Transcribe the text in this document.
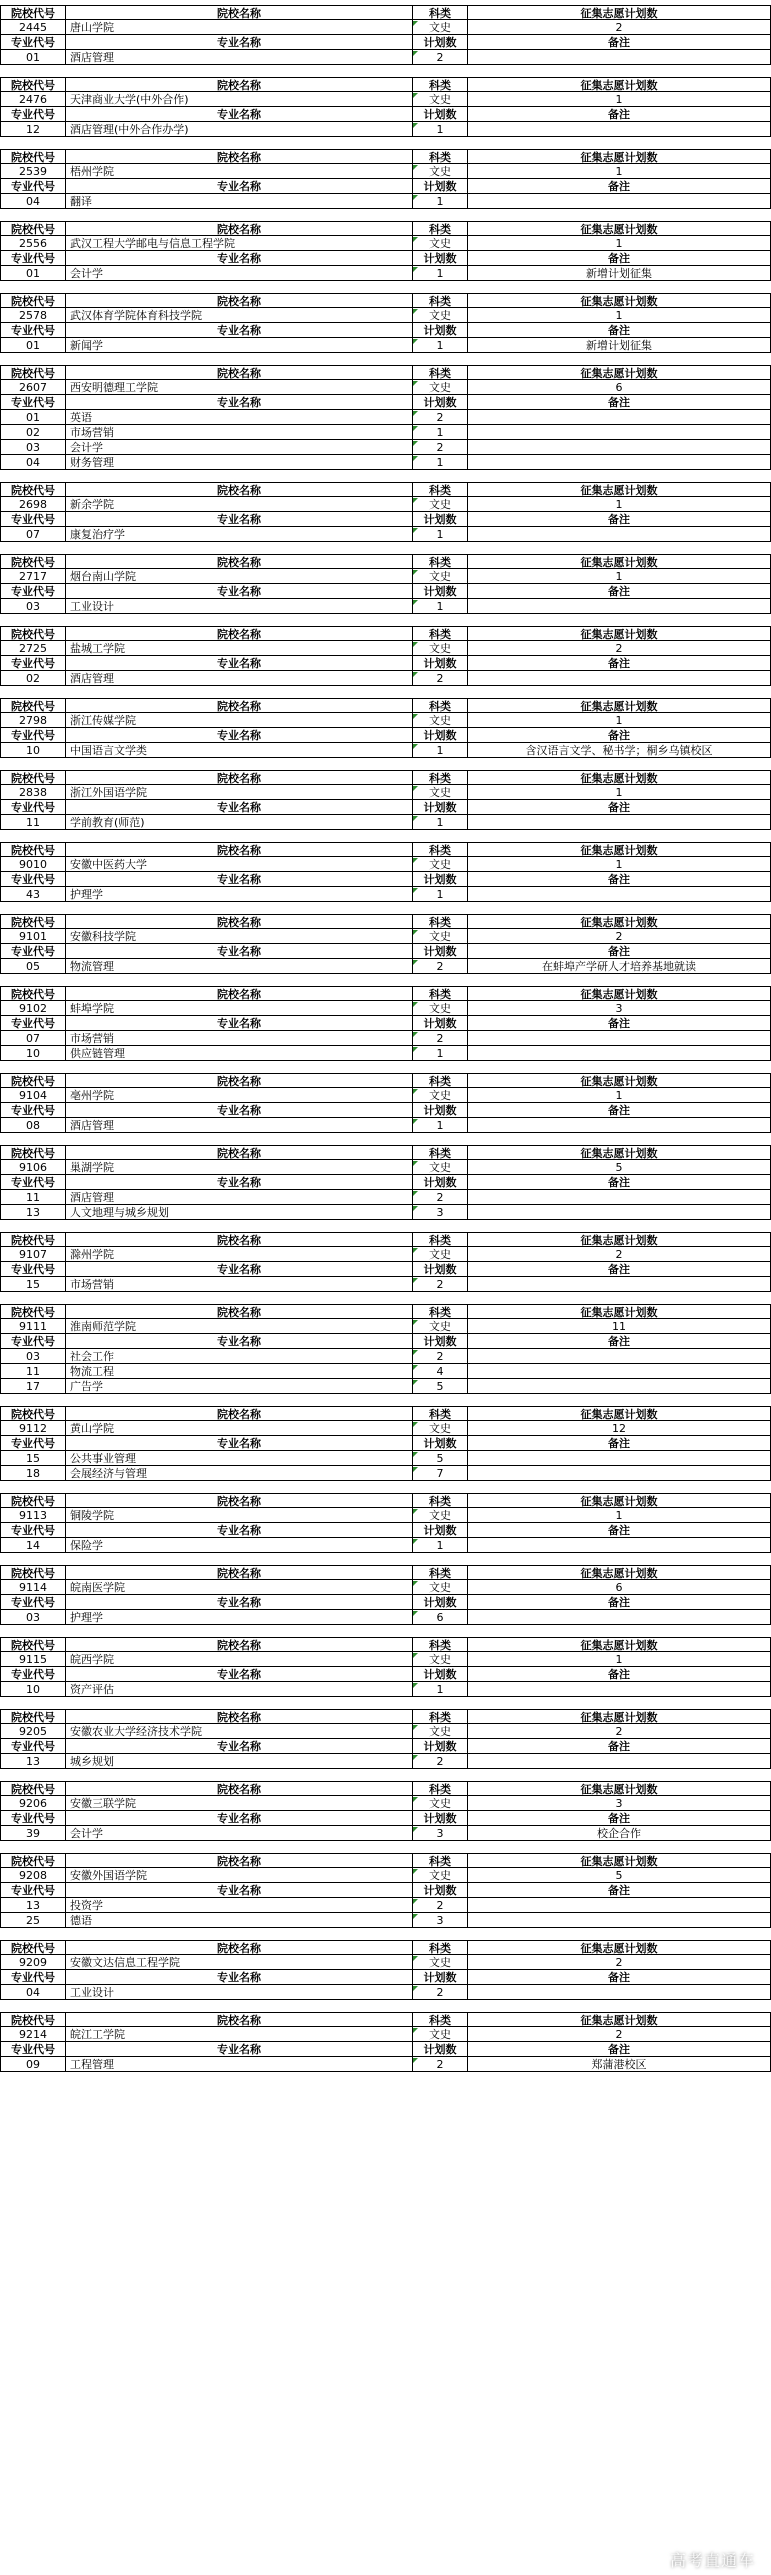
院校代号	院校名称	科类	征集志愿计划数
2445	唐山学院	文史	2
专业代号	专业名称	计划数	备注
01	酒店管理	2
院校代号	院校名称	科类	征集志愿计划数
2476	天津商业大学(中外合作)	文史	1
专业代号	专业名称	计划数	备注
12	酒店管理(中外合作办学)	1
院校代号	院校名称	科类	征集志愿计划数
2539	梧州学院	文史	1
专业代号	专业名称	计划数	备注
04	翻译	1
院校代号	院校名称	科类	征集志愿计划数
2556	武汉工程大学邮电与信息工程学院	文史	1
专业代号	专业名称	计划数	备注
01	会计学	1	新增计划征集
院校代号	院校名称	科类	征集志愿计划数
2578	武汉体育学院体育科技学院	文史	1
专业代号	专业名称	计划数	备注
01	新闻学	1	新增计划征集
院校代号	院校名称	科类	征集志愿计划数
2607	西安明德理工学院	文史	6
专业代号	专业名称	计划数	备注
01	英语	2
02	市场营销	1
03	会计学	2
04	财务管理	1
院校代号	院校名称	科类	征集志愿计划数
2698	新余学院	文史	1
专业代号	专业名称	计划数	备注
07	康复治疗学	1
院校代号	院校名称	科类	征集志愿计划数
2717	烟台南山学院	文史	1
专业代号	专业名称	计划数	备注
03	工业设计	1
院校代号	院校名称	科类	征集志愿计划数
2725	盐城工学院	文史	2
专业代号	专业名称	计划数	备注
02	酒店管理	2
院校代号	院校名称	科类	征集志愿计划数
2798	浙江传媒学院	文史	1
专业代号	专业名称	计划数	备注
10	中国语言文学类	1	含汉语言文学、秘书学；桐乡乌镇校区
院校代号	院校名称	科类	征集志愿计划数
2838	浙江外国语学院	文史	1
专业代号	专业名称	计划数	备注
11	学前教育(师范)	1
院校代号	院校名称	科类	征集志愿计划数
9010	安徽中医药大学	文史	1
专业代号	专业名称	计划数	备注
43	护理学	1
院校代号	院校名称	科类	征集志愿计划数
9101	安徽科技学院	文史	2
专业代号	专业名称	计划数	备注
05	物流管理	2	在蚌埠产学研人才培养基地就读
院校代号	院校名称	科类	征集志愿计划数
9102	蚌埠学院	文史	3
专业代号	专业名称	计划数	备注
07	市场营销	2
10	供应链管理	1
院校代号	院校名称	科类	征集志愿计划数
9104	亳州学院	文史	1
专业代号	专业名称	计划数	备注
08	酒店管理	1
院校代号	院校名称	科类	征集志愿计划数
9106	巢湖学院	文史	5
专业代号	专业名称	计划数	备注
11	酒店管理	2
13	人文地理与城乡规划	3
院校代号	院校名称	科类	征集志愿计划数
9107	滁州学院	文史	2
专业代号	专业名称	计划数	备注
15	市场营销	2
院校代号	院校名称	科类	征集志愿计划数
9111	淮南师范学院	文史	11
专业代号	专业名称	计划数	备注
03	社会工作	2
11	物流工程	4
17	广告学	5
院校代号	院校名称	科类	征集志愿计划数
9112	黄山学院	文史	12
专业代号	专业名称	计划数	备注
15	公共事业管理	5
18	会展经济与管理	7
院校代号	院校名称	科类	征集志愿计划数
9113	铜陵学院	文史	1
专业代号	专业名称	计划数	备注
14	保险学	1
院校代号	院校名称	科类	征集志愿计划数
9114	皖南医学院	文史	6
专业代号	专业名称	计划数	备注
03	护理学	6
院校代号	院校名称	科类	征集志愿计划数
9115	皖西学院	文史	1
专业代号	专业名称	计划数	备注
10	资产评估	1
院校代号	院校名称	科类	征集志愿计划数
9205	安徽农业大学经济技术学院	文史	2
专业代号	专业名称	计划数	备注
13	城乡规划	2
院校代号	院校名称	科类	征集志愿计划数
9206	安徽三联学院	文史	3
专业代号	专业名称	计划数	备注
39	会计学	3	校企合作
院校代号	院校名称	科类	征集志愿计划数
9208	安徽外国语学院	文史	5
专业代号	专业名称	计划数	备注
13	投资学	2
25	德语	3
院校代号	院校名称	科类	征集志愿计划数
9209	安徽文达信息工程学院	文史	2
专业代号	专业名称	计划数	备注
04	工业设计	2
院校代号	院校名称	科类	征集志愿计划数
9214	皖江工学院	文史	2
专业代号	专业名称	计划数	备注
09	工程管理	2	郑蒲港校区
高考直通车
